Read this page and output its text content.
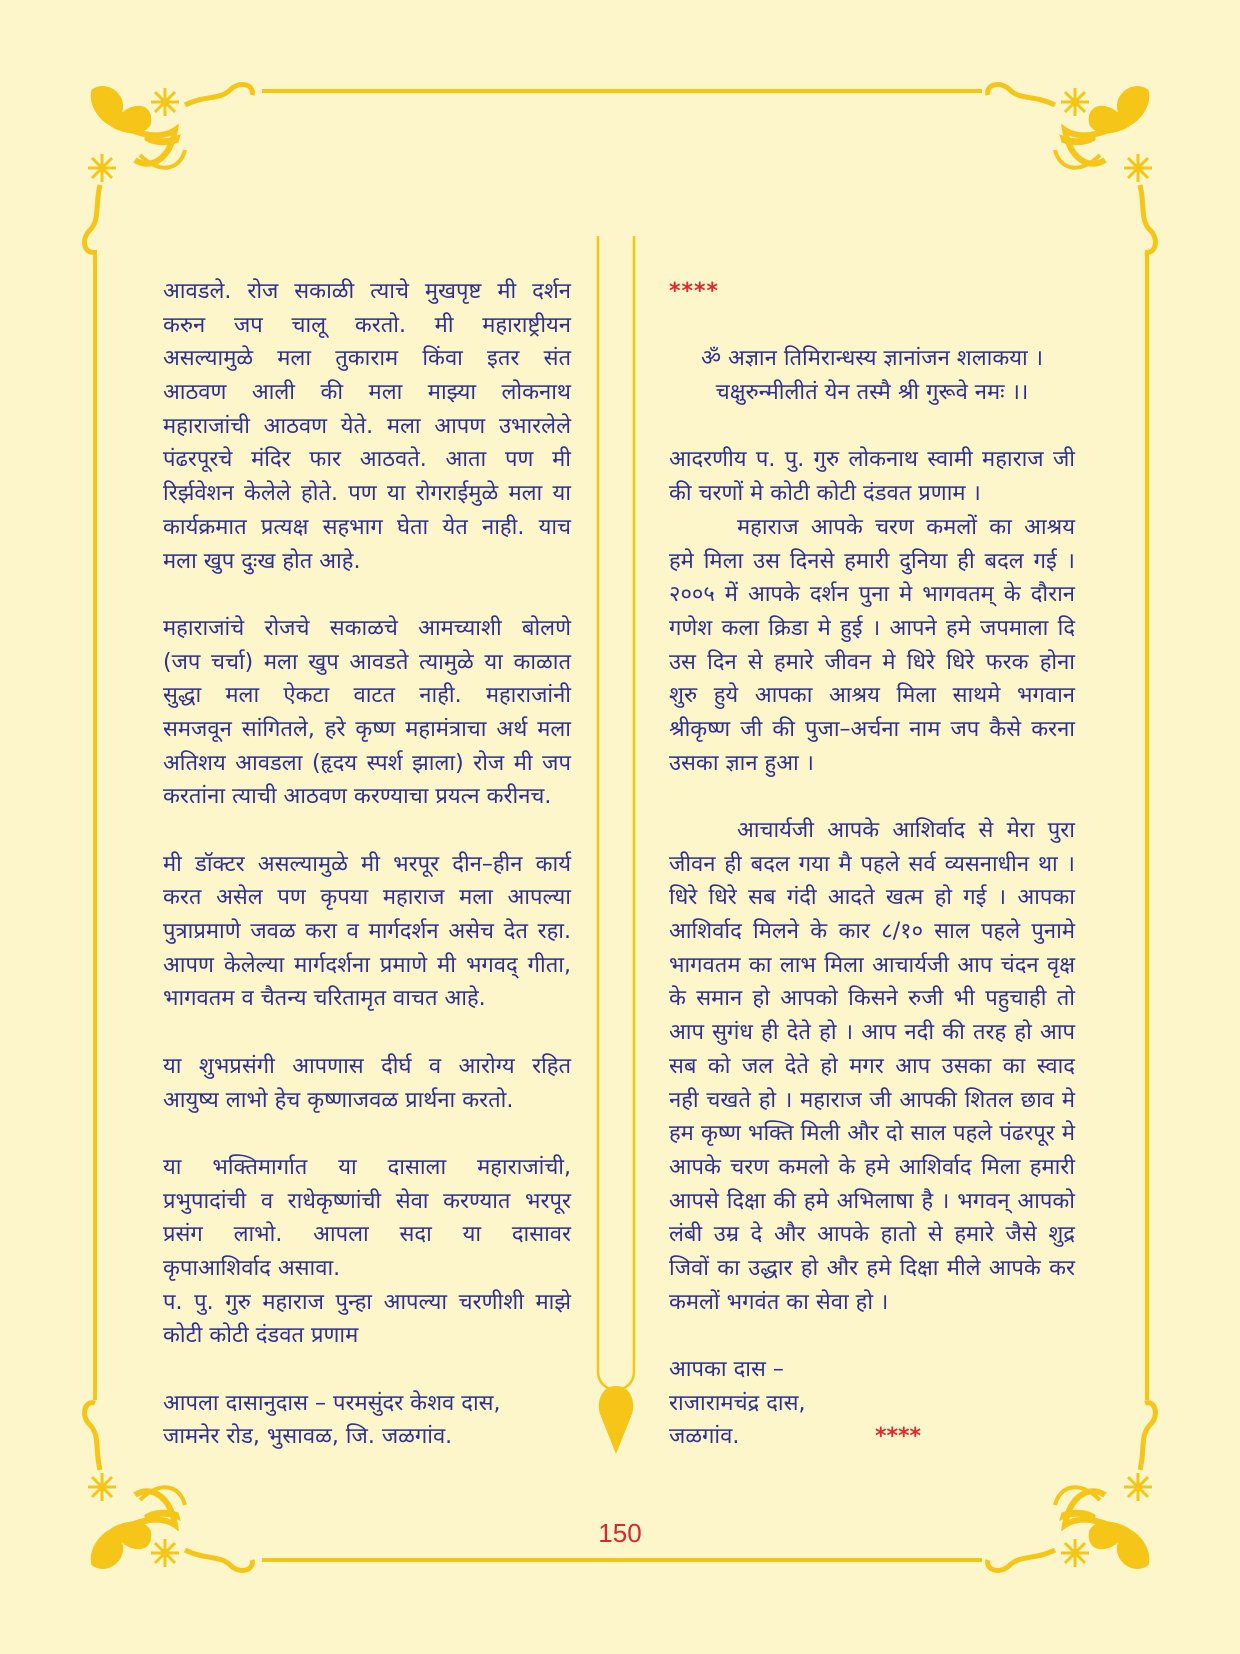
आवडले. रोज सकाळी त्याचे मुखपृष्ट मी दर्शन
करुन जप चालू करतो. मी महाराष्ट्रीयन
असल्यामुळे मला तुकाराम किंवा इतर संत
आठवण आली की मला माझ्या लोकनाथ
महाराजांची आठवण येते. मला आपण उभारलेले
पंढरपूरचे मंदिर फार आठवते. आता पण मी
रिर्झवेशन केलेले होते. पण या रोगराईमुळे मला या
कार्यक्रमात प्रत्यक्ष सहभाग घेता येत नाही. याच
मला खुप दुःख होत आहे.
महाराजांचे रोजचे सकाळचे आमच्याशी बोलणे
(जप चर्चा) मला खुप आवडते त्यामुळे या काळात
सुद्धा मला ऐकटा वाटत नाही. महाराजांनी
समजवून सांगितले, हरे कृष्ण महामंत्राचा अर्थ मला
अतिशय आवडला (हृदय स्पर्श झाला) रोज मी जप
करतांना त्याची आठवण करण्याचा प्रयत्न करीनच.
मी डॉक्टर असल्यामुळे मी भरपूर दीन–हीन कार्य
करत असेल पण कृपया महाराज मला आपल्या
पुत्राप्रमाणे जवळ करा व मार्गदर्शन असेच देत रहा.
आपण केलेल्या मार्गदर्शना प्रमाणे मी भगवद् गीता,
भागवतम व चैतन्य चरितामृत वाचत आहे.
या शुभप्रसंगी आपणास दीर्घ व आरोग्य रहित
आयुष्य लाभो हेच कृष्णाजवळ प्रार्थना करतो.
या भक्तिमार्गात या दासाला महाराजांची,
प्रभुपादांची व राधेकृष्णांची सेवा करण्यात भरपूर
प्रसंग लाभो. आपला सदा या दासावर
कृपाआशिर्वाद असावा.
प. पु. गुरु महाराज पुन्हा आपल्या चरणीशी माझे
कोटी कोटी दंडवत प्रणाम
आपला दासानुदास – परमसुंदर केशव दास,
जामनेर रोड, भुसावळ, जि. जळगांव.
****
ॐ अज्ञान तिमिरान्धस्य ज्ञानांजन शलाकया ।
चक्षुरुन्मीलीतं येन तस्मै श्री गुरूवे नमः ।।
आदरणीय प. पु. गुरु लोकनाथ स्वामी महाराज जी
की चरणों मे कोटी कोटी दंडवत प्रणाम ।
महाराज आपके चरण कमलों का आश्रय
हमे मिला उस दिनसे हमारी दुनिया ही बदल गई ।
२००५ में आपके दर्शन पुना मे भागवतम् के दौरान
गणेश कला क्रिडा मे हुई । आपने हमे जपमाला दि
उस दिन से हमारे जीवन मे धिरे धिरे फरक होना
शुरु हुये आपका आश्रय मिला साथमे भगवान
श्रीकृष्ण जी की पुजा–अर्चना नाम जप कैसे करना
उसका ज्ञान हुआ ।
आचार्यजी आपके आशिर्वाद से मेरा पुरा
जीवन ही बदल गया मै पहले सर्व व्यसनाधीन था ।
धिरे धिरे सब गंदी आदते खत्म हो गई । आपका
आशिर्वाद मिलने के कार ८/१० साल पहले पुनामे
भागवतम का लाभ मिला आचार्यजी आप चंदन वृक्ष
के समान हो आपको किसने रुजी भी पहुचाही तो
आप सुगंध ही देते हो । आप नदी की तरह हो आप
सब को जल देते हो मगर आप उसका का स्वाद
नही चखते हो । महाराज जी आपकी शितल छाव मे
हम कृष्ण भक्ति मिली और दो साल पहले पंढरपूर मे
आपके चरण कमलो के हमे आशिर्वाद मिला हमारी
आपसे दिक्षा की हमे अभिलाषा है । भगवन् आपको
लंबी उम्र दे और आपके हातो से हमारे जैसे शुद्र
जिवों का उद्धार हो और हमे दिक्षा मीले आपके कर
कमलों भगवंत का सेवा हो ।
आपका दास –
राजारामचंद्र दास,
जळगांव.	****
150
